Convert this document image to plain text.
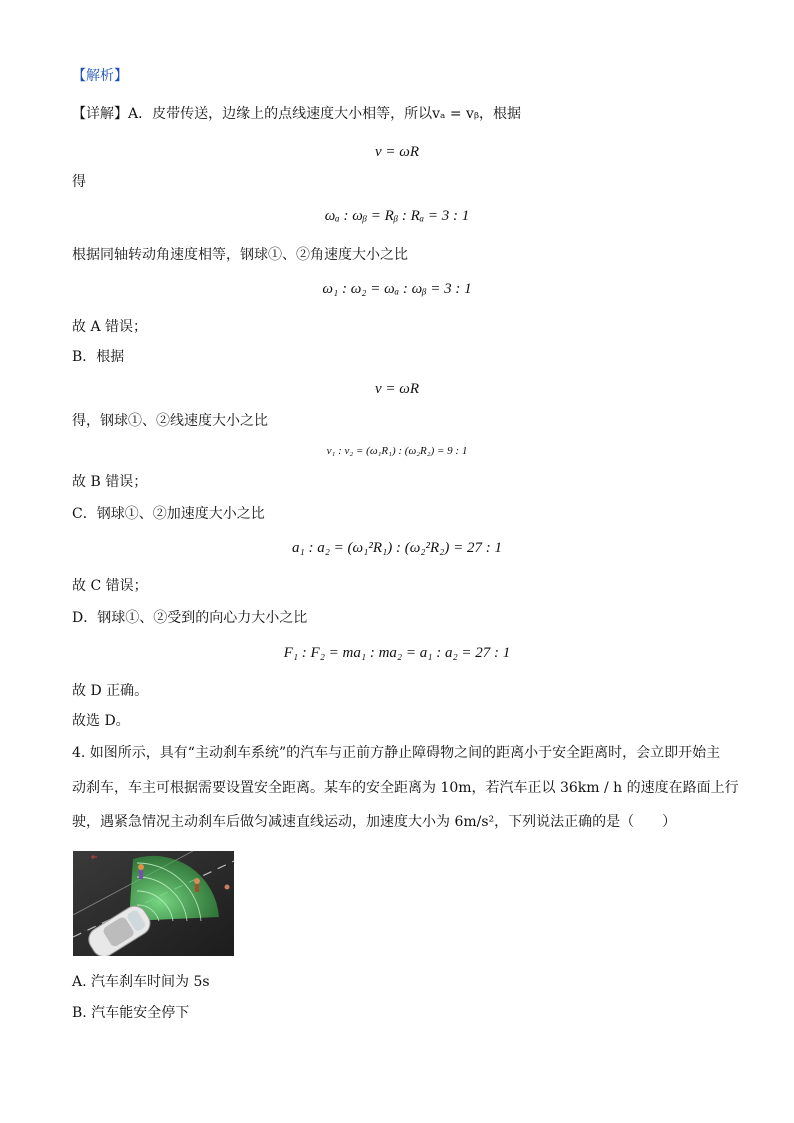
【解析】
【详解】A．皮带传送，边缘上的点线速度大小相等，所以vₐ = vᵦ，根据
v = ωR
得
ωₐ : ωᵦ = Rᵦ : Rₐ = 3 : 1
根据同轴转动角速度相等，钢球①、②角速度大小之比
ω₁ : ω₂ = ωₐ : ωᵦ = 3 : 1
故 A 错误；
B．根据
v = ωR
得，钢球①、②线速度大小之比
v₁ : v₂ = (ω₁R₁) : (ω₂R₂) = 9 : 1
故 B 错误；
C．钢球①、②加速度大小之比
a₁ : a₂ = (ω₁²R₁) : (ω₂²R₂) = 27 : 1
故 C 错误；
D．钢球①、②受到的向心力大小之比
F₁ : F₂ = ma₁ : ma₂ = a₁ : a₂ = 27 : 1
故 D 正确。
故选 D。
4. 如图所示，具有“主动刹车系统”的汽车与正前方静止障碍物之间的距离小于安全距离时，会立即开始主
动刹车，车主可根据需要设置安全距离。某车的安全距离为 10m，若汽车正以 36km / h 的速度在路面上行
驶，遇紧急情况主动刹车后做匀减速直线运动，加速度大小为 6m/s²，下列说法正确的是（　　）
A. 汽车刹车时间为 5s
B. 汽车能安全停下
